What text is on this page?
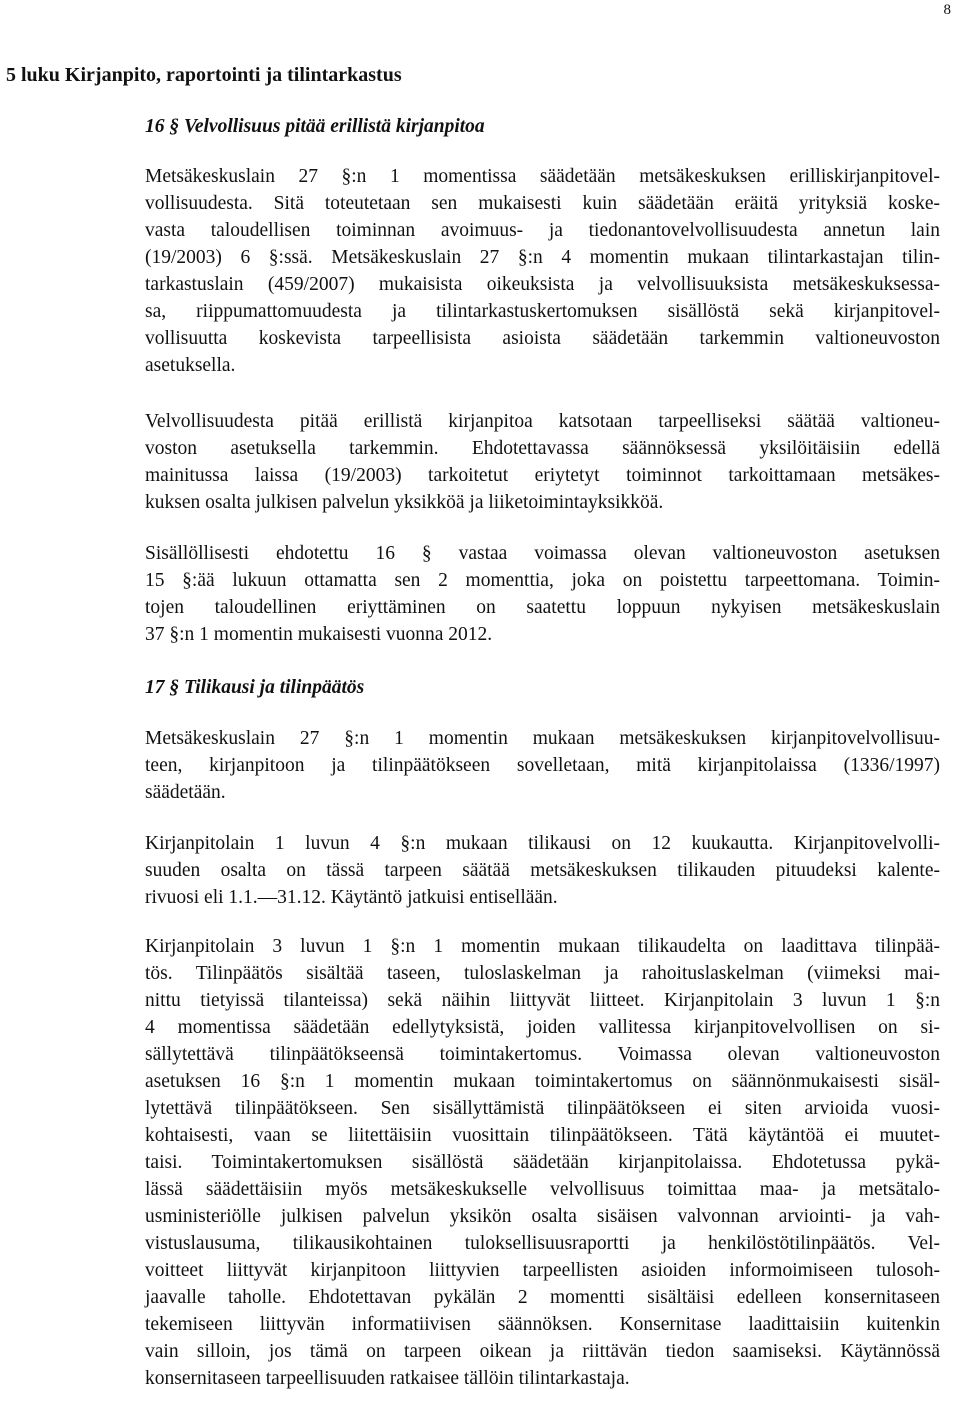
8
5 luku Kirjanpito, raportointi ja tilintarkastus
16 § Velvollisuus pitää erillistä kirjanpitoa

Metsäkeskuslain 27 §:n 1 momentissa säädetään metsäkeskuksen erilliskirjanpitovel-
vollisuudesta. Sitä toteutetaan sen mukaisesti kuin säädetään eräitä yrityksiä koske-
vasta taloudellisen toiminnan avoimuus- ja tiedonantovelvollisuudesta annetun lain
(19/2003) 6 §:ssä. Metsäkeskuslain 27 §:n 4 momentin mukaan tilintarkastajan tilin-
tarkastuslain (459/2007) mukaisista oikeuksista ja velvollisuuksista metsäkeskuksessa-
sa, riippumattomuudesta ja tilintarkastuskertomuksen sisällöstä sekä kirjanpitovel-
vollisuutta koskevista tarpeellisista asioista säädetään tarkemmin valtioneuvoston
asetuksella.

Velvollisuudesta pitää erillistä kirjanpitoa katsotaan tarpeelliseksi säätää valtioneu-
voston asetuksella tarkemmin. Ehdotettavassa säännöksessä yksilöitäisiin edellä
mainitussa laissa (19/2003) tarkoitetut eriytetyt toiminnot tarkoittamaan metsäkes-
kuksen osalta julkisen palvelun yksikköä ja liiketoimintayksikköä.

Sisällöllisesti ehdotettu 16 § vastaa voimassa olevan valtioneuvoston asetuksen
15 §:ää lukuun ottamatta sen 2 momenttia, joka on poistettu tarpeettomana. Toimin-
tojen taloudellinen eriyttäminen on saatettu loppuun nykyisen metsäkeskuslain
37 §:n 1 momentin mukaisesti vuonna 2012.

17 § Tilikausi ja tilinpäätös

Metsäkeskuslain 27 §:n 1 momentin mukaan metsäkeskuksen kirjanpitovelvollisuu-
teen, kirjanpitoon ja tilinpäätökseen sovelletaan, mitä kirjanpitolaissa (1336/1997)
säädetään.

Kirjanpitolain 1 luvun 4 §:n mukaan tilikausi on 12 kuukautta. Kirjanpitovelvolli-
suuden osalta on tässä tarpeen säätää metsäkeskuksen tilikauden pituudeksi kalente-
rivuosi eli 1.1.—31.12. Käytäntö jatkuisi entisellään.

Kirjanpitolain 3 luvun 1 §:n 1 momentin mukaan tilikaudelta on laadittava tilinpää-
tös. Tilinpäätös sisältää taseen, tuloslaskelman ja rahoituslaskelman (viimeksi mai-
nittu tietyissä tilanteissa) sekä näihin liittyvät liitteet. Kirjanpitolain 3 luvun 1 §:n
4 momentissa säädetään edellytyksistä, joiden vallitessa kirjanpitovelvollisen on si-
sällytettävä tilinpäätökseensä toimintakertomus. Voimassa olevan valtioneuvoston
asetuksen 16 §:n 1 momentin mukaan toimintakertomus on säännönmukaisesti sisäl-
lytettävä tilinpäätökseen. Sen sisällyttämistä tilinpäätökseen ei siten arvioida vuosi-
kohtaisesti, vaan se liitettäisiin vuosittain tilinpäätökseen. Tätä käytäntöä ei muutet-
taisi. Toimintakertomuksen sisällöstä säädetään kirjanpitolaissa. Ehdotetussa pykä-
lässä säädettäisiin myös metsäkeskukselle velvollisuus toimittaa maa- ja metsätalo-
usministeriölle julkisen palvelun yksikön osalta sisäisen valvonnan arviointi- ja vah-
vistuslausuma, tilikausikohtainen tuloksellisuusraportti ja henkilöstötilinpäätös. Vel-
voitteet liittyvät kirjanpitoon liittyvien tarpeellisten asioiden informoimiseen tulosoh-
jaavalle taholle. Ehdotettavan pykälän 2 momentti sisältäisi edelleen konsernitaseen
tekemiseen liittyvän informatiivisen säännöksen. Konsernitase laadittaisiin kuitenkin
vain silloin, jos tämä on tarpeen oikean ja riittävän tiedon saamiseksi. Käytännössä
konsernitaseen tarpeellisuuden ratkaisee tällöin tilintarkastaja.
